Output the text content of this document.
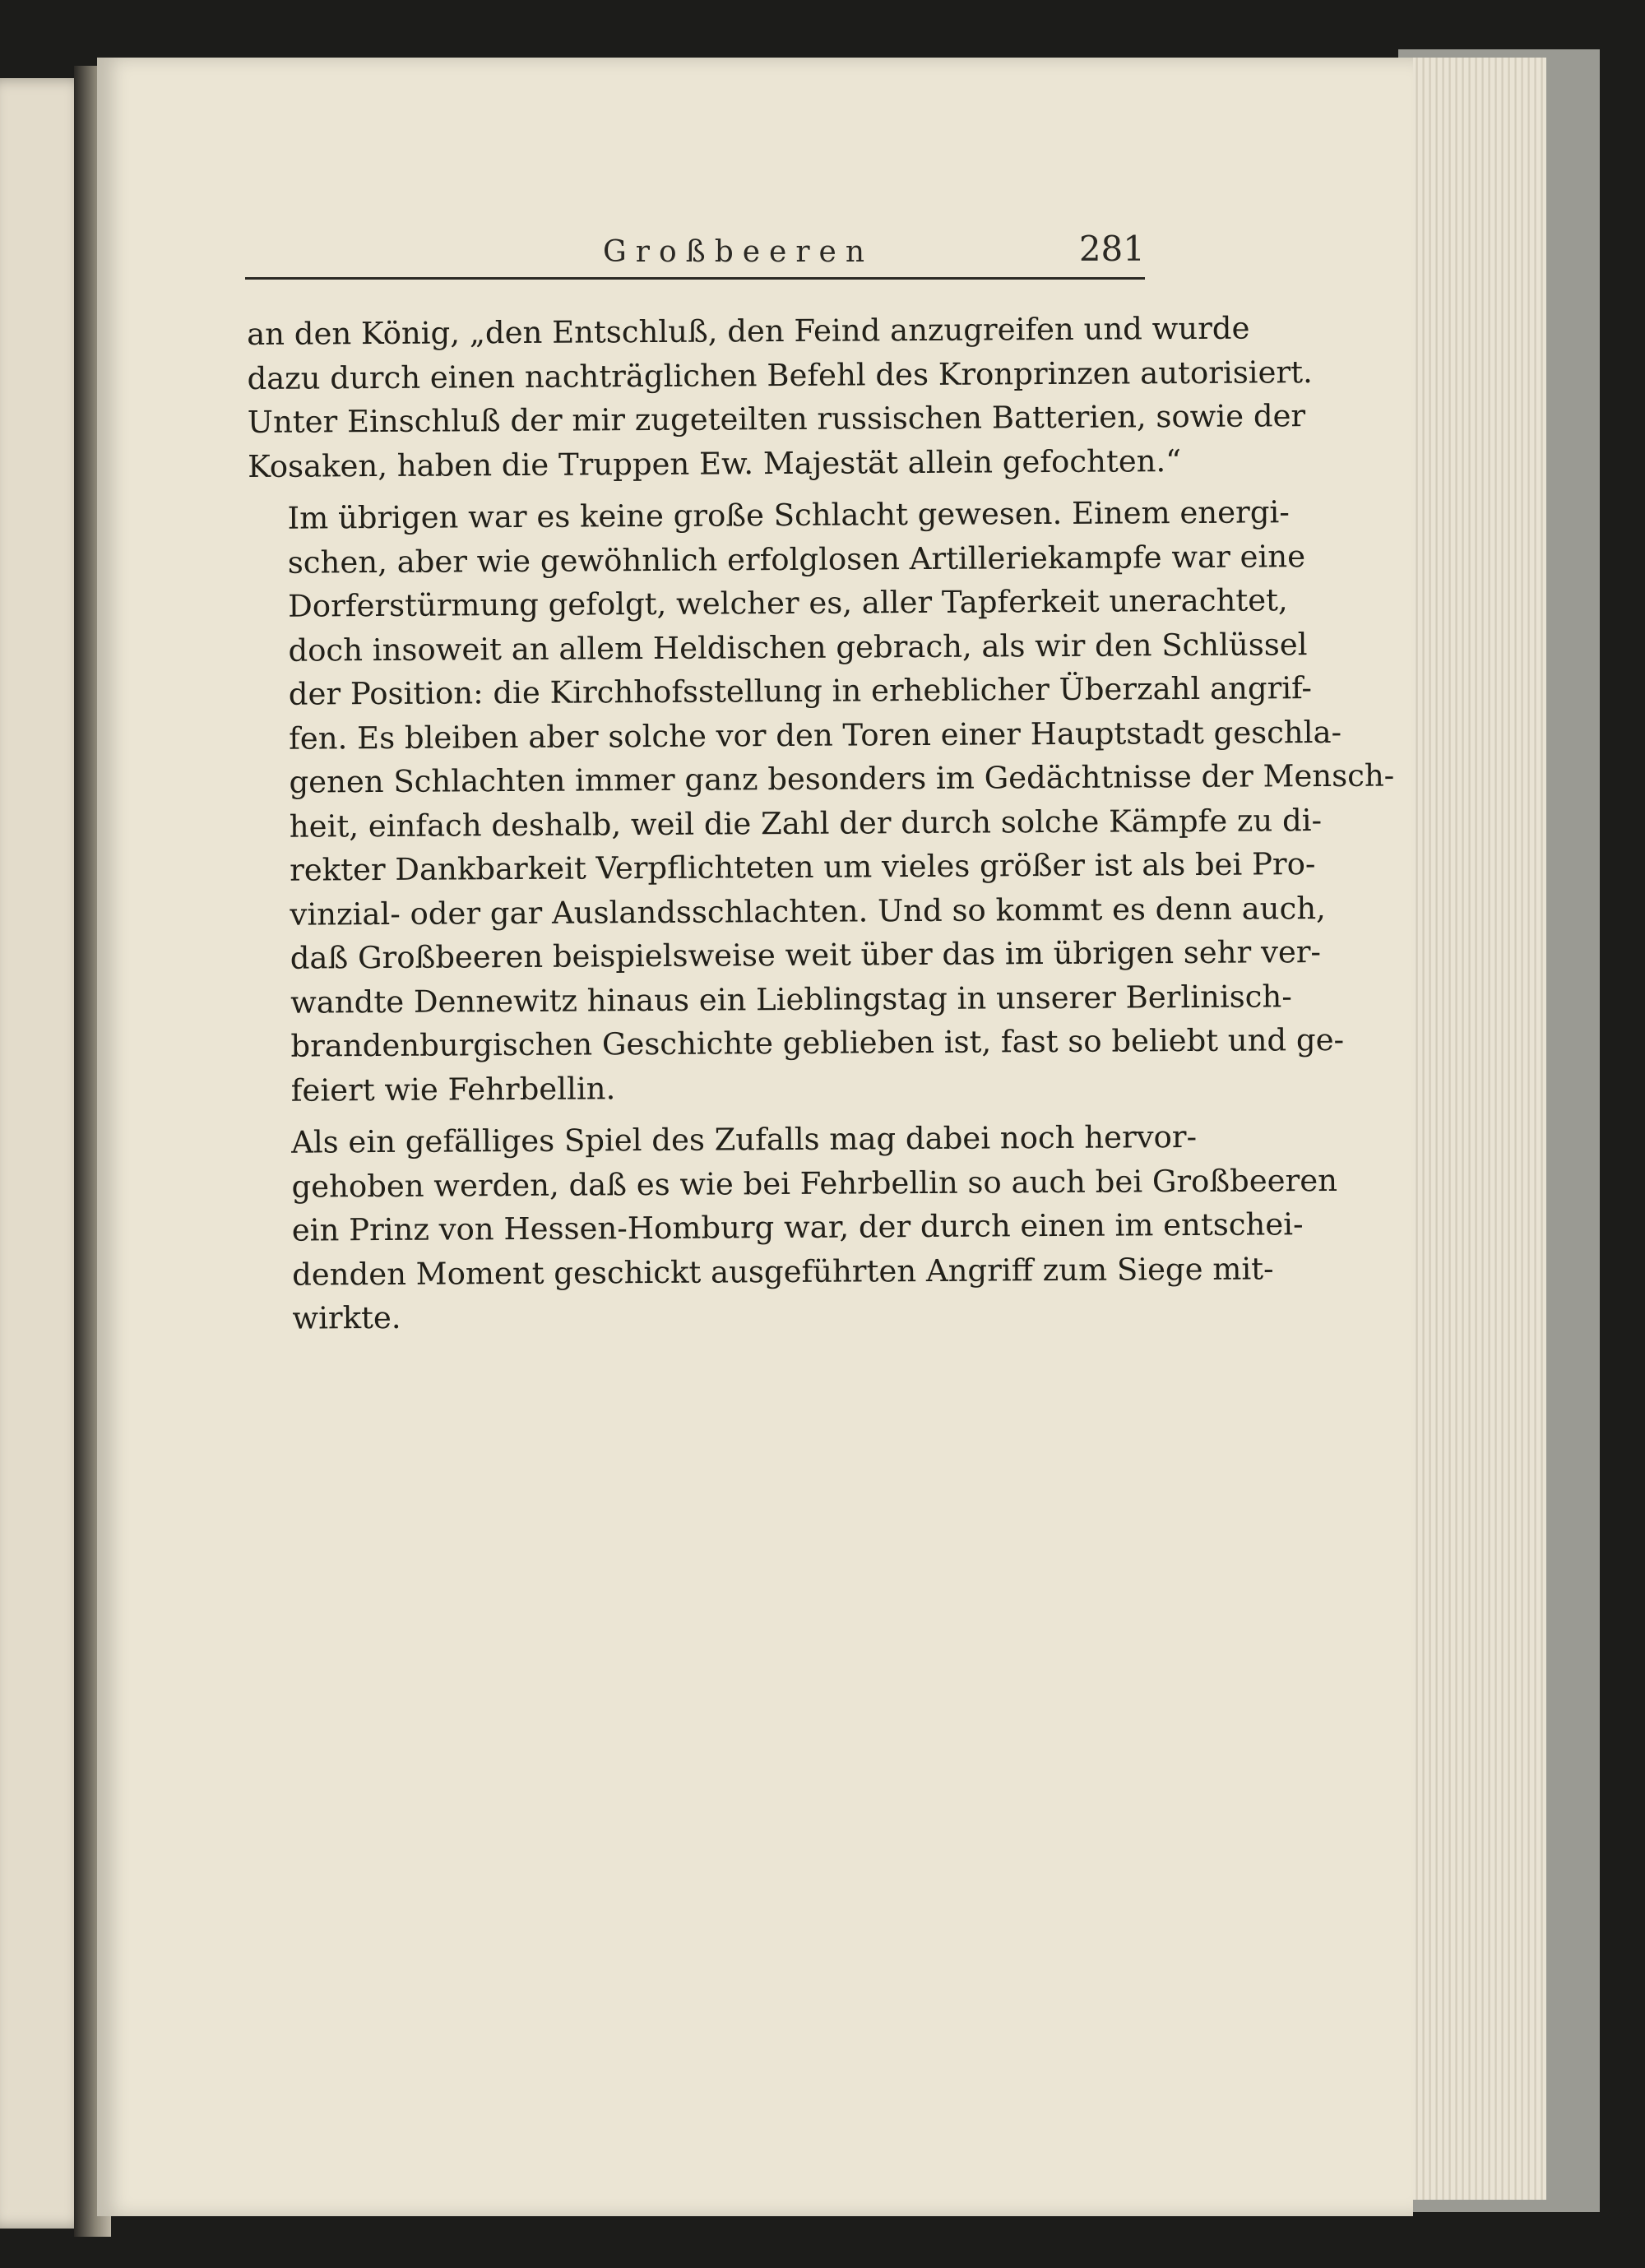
Großbeeren	281

an den König, „den Entschluß, den Feind anzugreifen und wurde
dazu durch einen nachträglichen Befehl des Kronprinzen autorisiert.
Unter Einschluß der mir zugeteilten russischen Batterien, sowie der
Kosaken, haben die Truppen Ew. Majestät allein gefochten.“

Im übrigen war es keine große Schlacht gewesen. Einem energi-
schen, aber wie gewöhnlich erfolglosen Artilleriekampfe war eine
Dorferstürmung gefolgt, welcher es, aller Tapferkeit unerachtet,
doch insoweit an allem Heldischen gebrach, als wir den Schlüssel
der Position: die Kirchhofsstellung in erheblicher Überzahl angrif-
fen. Es bleiben aber solche vor den Toren einer Hauptstadt geschla-
genen Schlachten immer ganz besonders im Gedächtnisse der Mensch-
heit, einfach deshalb, weil die Zahl der durch solche Kämpfe zu di-
rekter Dankbarkeit Verpflichteten um vieles größer ist als bei Pro-
vinzial- oder gar Auslandsschlachten. Und so kommt es denn auch,
daß Großbeeren beispielsweise weit über das im übrigen sehr ver-
wandte Dennewitz hinaus ein Lieblingstag in unserer Berlinisch-
brandenburgischen Geschichte geblieben ist, fast so beliebt und ge-
feiert wie Fehrbellin.

Als ein gefälliges Spiel des Zufalls mag dabei noch hervor-
gehoben werden, daß es wie bei Fehrbellin so auch bei Großbeeren
ein Prinz von Hessen-Homburg war, der durch einen im entschei-
denden Moment geschickt ausgeführten Angriff zum Siege mit-
wirkte.
